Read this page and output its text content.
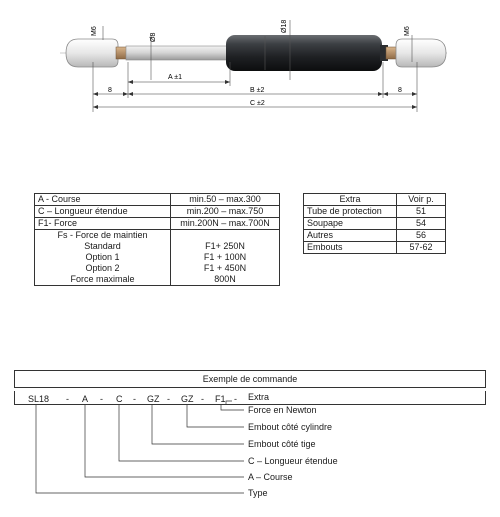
M6
Ø8
Ø18	M6
A ±1
8	B ±2	8
C ±2
A - Course	min.50 – max.300
C – Longueur étendue	min.200 – max.750
F1- Force	min.200N – max.700N
Fs - Force de maintien
Standard	F1+ 250N
Option 1	F1 + 100N
Option 2	F1 + 450N
Force maximale	800N
Extra	Voir p.
Tube de protection	51
Soupape	54
Autres	56
Embouts	57-62
Exemple de commande
SL18 - A - C - GZ - GZ - F1 - Extra
Force en Newton
Embout côté cylindre
Embout côté tige
C – Longueur étendue
A – Course
Type
